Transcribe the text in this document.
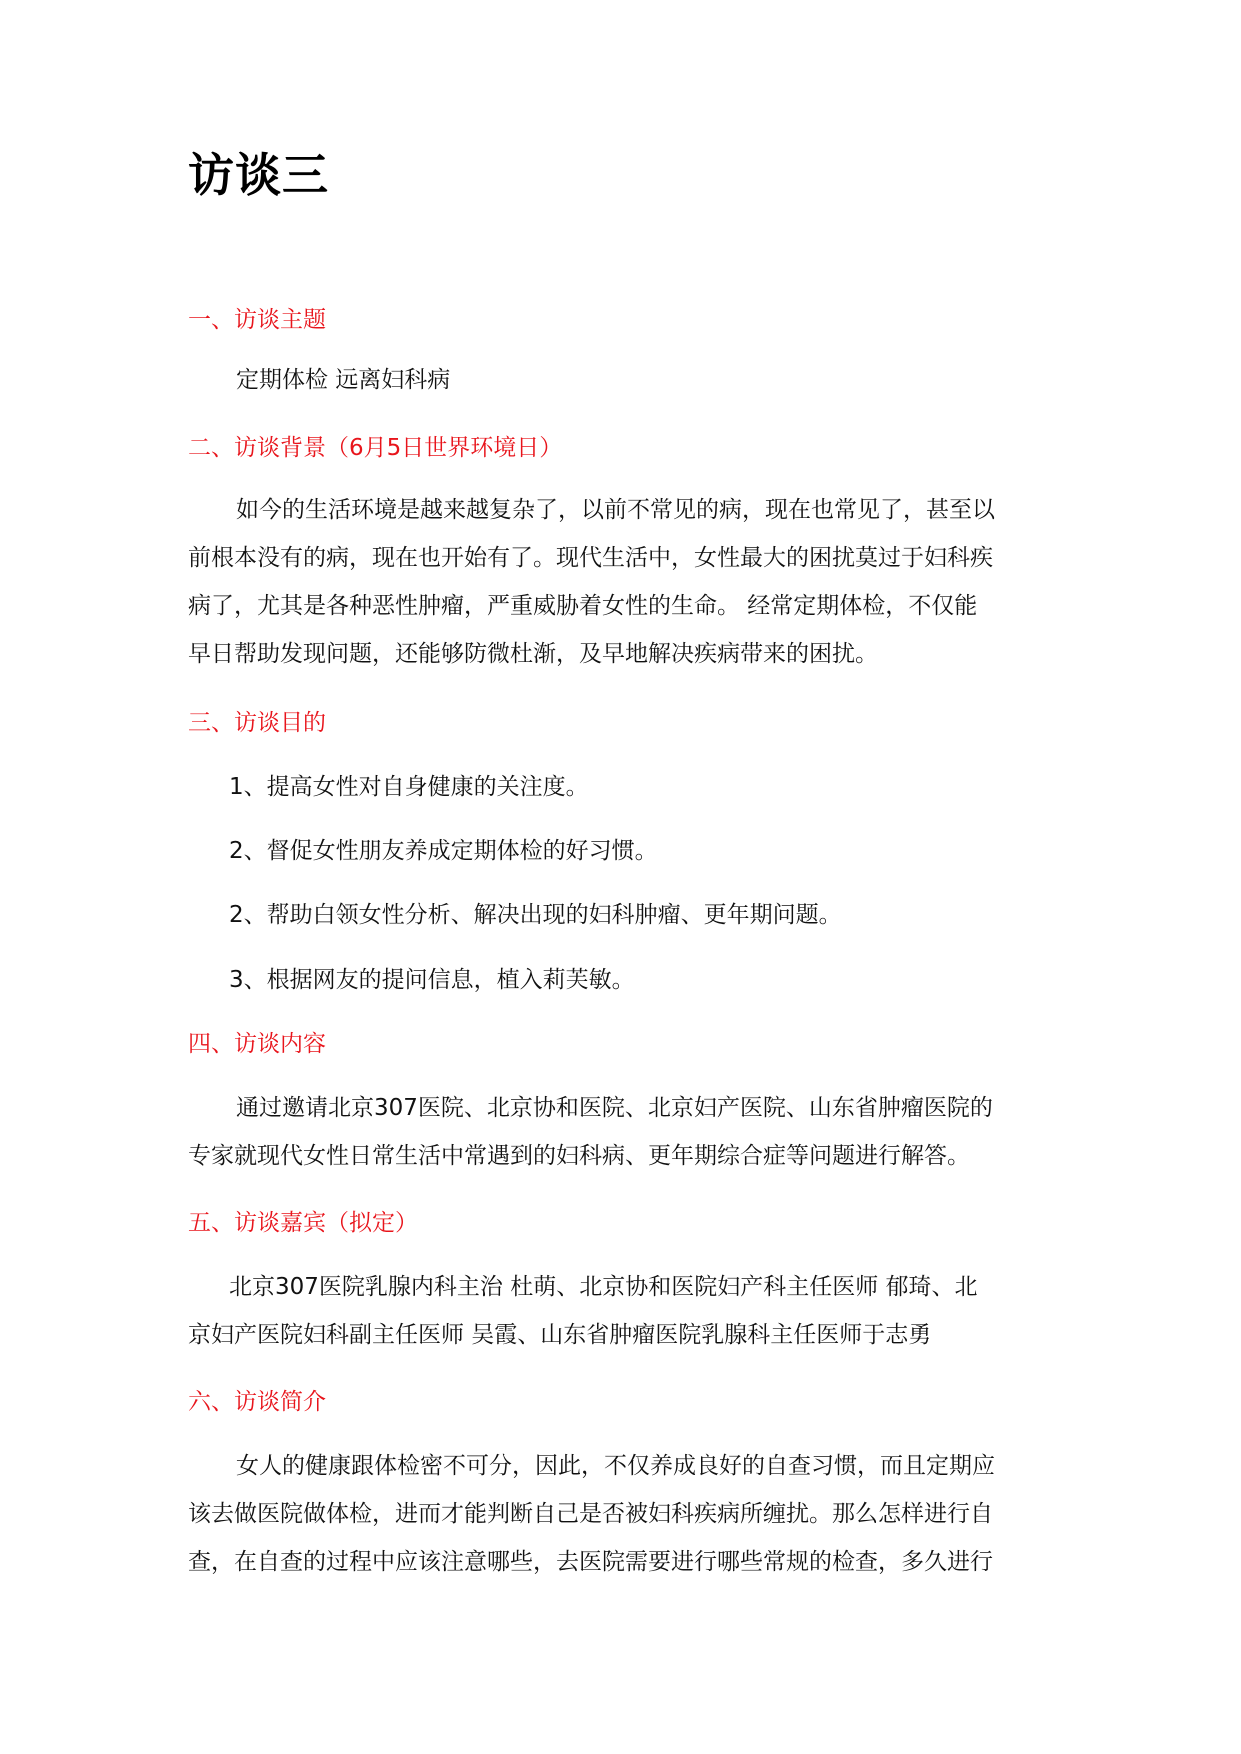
访谈三
一、访谈主题
定期体检 远离妇科病
二、访谈背景（6月5日世界环境日）
如今的生活环境是越来越复杂了，以前不常见的病，现在也常见了，甚至以
前根本没有的病，现在也开始有了。现代生活中，女性最大的困扰莫过于妇科疾
病了，尤其是各种恶性肿瘤，严重威胁着女性的生命。 经常定期体检，不仅能
早日帮助发现问题，还能够防微杜渐，及早地解决疾病带来的困扰。
三、访谈目的
1、提高女性对自身健康的关注度。
2、督促女性朋友养成定期体检的好习惯。
2、帮助白领女性分析、解决出现的妇科肿瘤、更年期问题。
3、根据网友的提问信息，植入莉芙敏。
四、访谈内容
通过邀请北京307医院、北京协和医院、北京妇产医院、山东省肿瘤医院的
专家就现代女性日常生活中常遇到的妇科病、更年期综合症等问题进行解答。
五、访谈嘉宾（拟定）
北京307医院乳腺内科主治 杜萌、北京协和医院妇产科主任医师 郁琦、北
京妇产医院妇科副主任医师 吴霞、山东省肿瘤医院乳腺科主任医师于志勇
六、访谈简介
女人的健康跟体检密不可分，因此，不仅养成良好的自查习惯，而且定期应
该去做医院做体检，进而才能判断自己是否被妇科疾病所缠扰。那么怎样进行自
查，在自查的过程中应该注意哪些，去医院需要进行哪些常规的检查，多久进行
